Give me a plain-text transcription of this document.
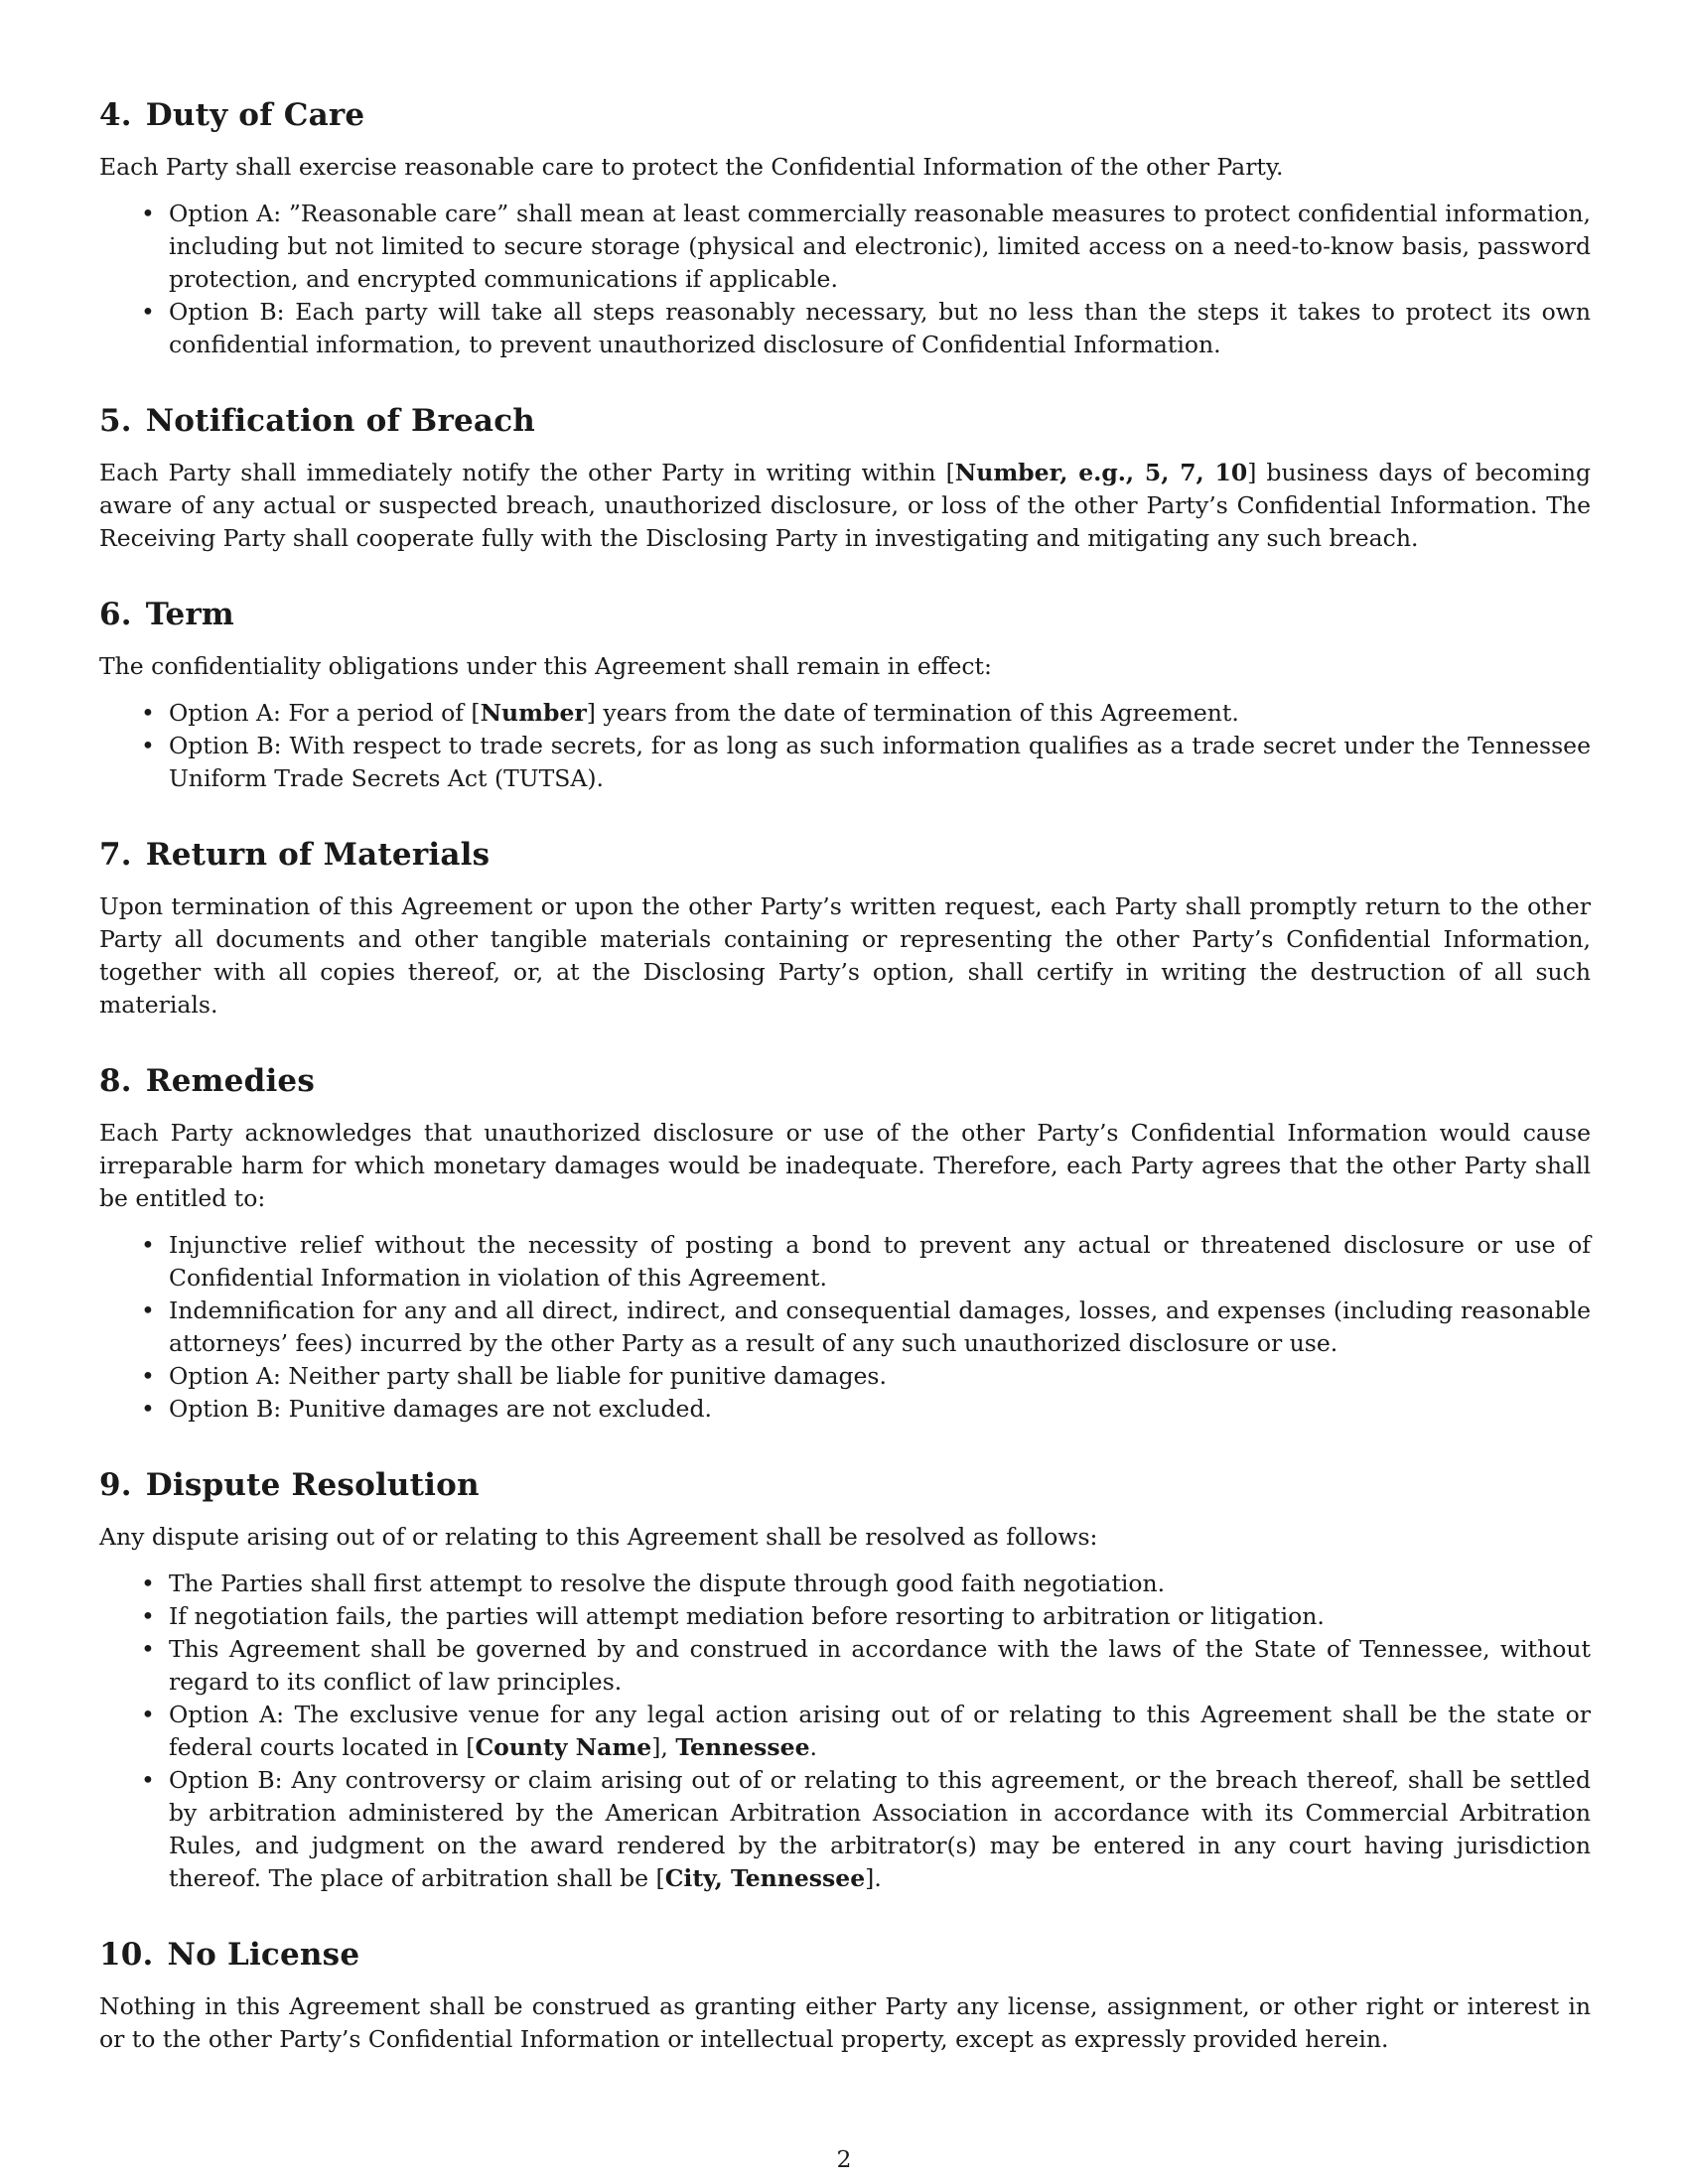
4. Duty of Care

Each Party shall exercise reasonable care to protect the Confidential Information of the other Party.

• Option A: ”Reasonable care” shall mean at least commercially reasonable measures to protect confidential information, including but not limited to secure storage (physical and electronic), limited access on a need-to-know basis, password protection, and encrypted communications if applicable.
• Option B: Each party will take all steps reasonably necessary, but no less than the steps it takes to protect its own confidential information, to prevent unauthorized disclosure of Confidential Information.
5. Notification of Breach

Each Party shall immediately notify the other Party in writing within [Number, e.g., 5, 7, 10] business days of becoming aware of any actual or suspected breach, unauthorized disclosure, or loss of the other Party’s Confidential Information. The Receiving Party shall cooperate fully with the Disclosing Party in investigating and mitigating any such breach.

6. Term

The confidentiality obligations under this Agreement shall remain in effect:

• Option A: For a period of [Number] years from the date of termination of this Agreement.
• Option B: With respect to trade secrets, for as long as such information qualifies as a trade secret under the Tennessee Uniform Trade Secrets Act (TUTSA).
7. Return of Materials

Upon termination of this Agreement or upon the other Party’s written request, each Party shall promptly return to the other Party all documents and other tangible materials containing or representing the other Party’s Confidential Information, together with all copies thereof, or, at the Disclosing Party’s option, shall certify in writing the destruction of all such materials.

8. Remedies

Each Party acknowledges that unauthorized disclosure or use of the other Party’s Confidential Information would cause irreparable harm for which monetary damages would be inadequate. Therefore, each Party agrees that the other Party shall be entitled to:

• Injunctive relief without the necessity of posting a bond to prevent any actual or threatened disclosure or use of Confidential Information in violation of this Agreement.
• Indemnification for any and all direct, indirect, and consequential damages, losses, and expenses (including reasonable attorneys’ fees) incurred by the other Party as a result of any such unauthorized disclosure or use.
• Option A: Neither party shall be liable for punitive damages.
• Option B: Punitive damages are not excluded.
9. Dispute Resolution

Any dispute arising out of or relating to this Agreement shall be resolved as follows:

• The Parties shall first attempt to resolve the dispute through good faith negotiation.
• If negotiation fails, the parties will attempt mediation before resorting to arbitration or litigation.
• This Agreement shall be governed by and construed in accordance with the laws of the State of Tennessee, without regard to its conflict of law principles.
• Option A: The exclusive venue for any legal action arising out of or relating to this Agreement shall be the state or federal courts located in [County Name], Tennessee.
• Option B: Any controversy or claim arising out of or relating to this agreement, or the breach thereof, shall be settled by arbitration administered by the American Arbitration Association in accordance with its Commercial Arbitration Rules, and judgment on the award rendered by the arbitrator(s) may be entered in any court having jurisdiction thereof. The place of arbitration shall be [City, Tennessee].
10. No License

Nothing in this Agreement shall be construed as granting either Party any license, assignment, or other right or interest in or to the other Party’s Confidential Information or intellectual property, except as expressly provided herein.

2
